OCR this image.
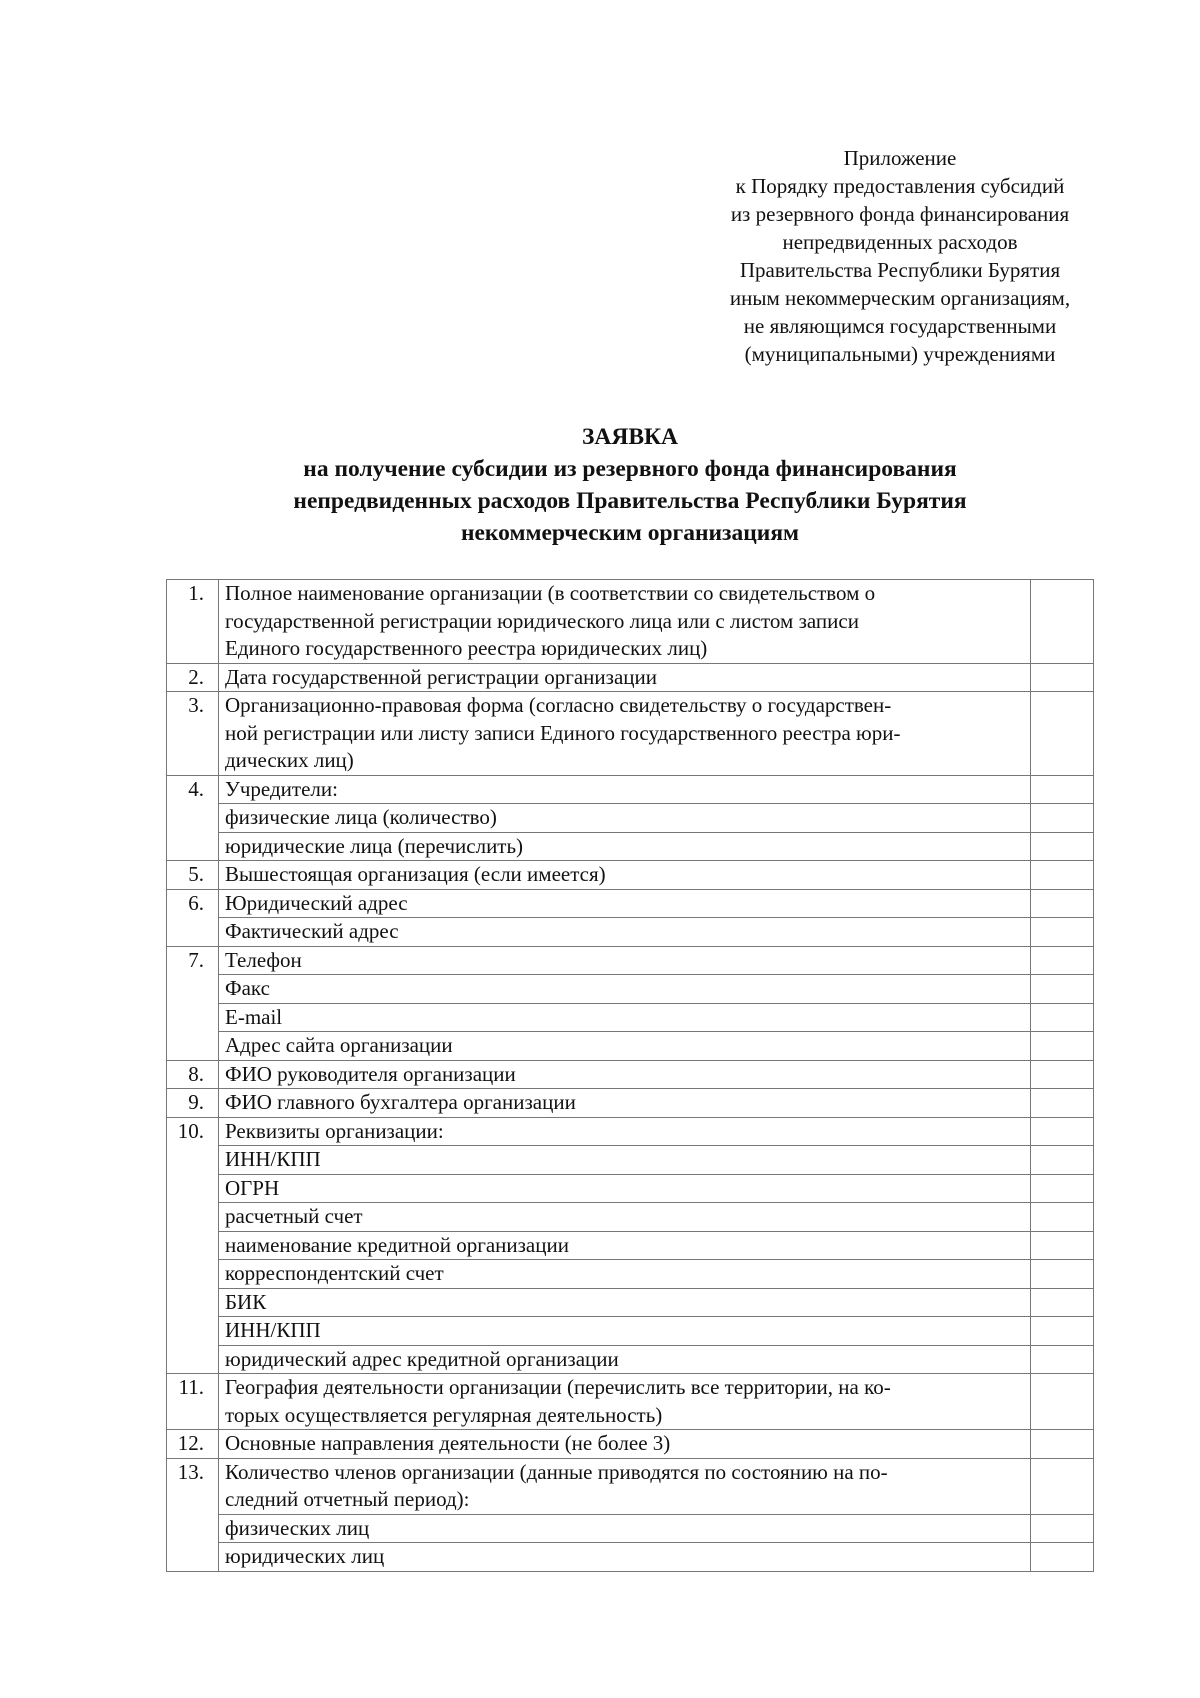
Приложение
к Порядку предоставления субсидий
из резервного фонда финансирования
непредвиденных расходов
Правительства Республики Бурятия
иным некоммерческим организациям,
не являющимся государственными
(муниципальными) учреждениями
ЗАЯВКА
на получение субсидии из резервного фонда финансирования
непредвиденных расходов Правительства Республики Бурятия
некоммерческим организациям
1.	Полное наименование организации (в соответствии со свидетельством о
государственной регистрации юридического лица или с листом записи
Единого государственного реестра юридических лиц)	

2.	Дата государственной регистрации организации	

3.	Организационно-правовая форма (согласно свидетельству о государствен-
ной регистрации или листу записи Единого государственного реестра юри-
дических лиц)	

4.	Учредители:	

	физические лица (количество)	

	юридические лица (перечислить)	

5.	Вышестоящая организация (если имеется)	

6.	Юридический адрес	

	Фактический адрес	

7.	Телефон	

	Факс	

	E-mail	

	Адрес сайта организации	

8.	ФИО руководителя организации	

9.	ФИО главного бухгалтера организации	

10.	Реквизиты организации:	

	ИНН/КПП	

	ОГРН	

	расчетный счет	

	наименование кредитной организации	

	корреспондентский счет	

	БИК	

	ИНН/КПП	

	юридический адрес кредитной организации	

11.	География деятельности организации (перечислить все территории, на ко-
торых осуществляется регулярная деятельность)	

12.	Основные направления деятельности (не более 3)	

13.	Количество членов организации (данные приводятся по состоянию на по-
следний отчетный период):	

	физических лиц	

	юридических лиц	
